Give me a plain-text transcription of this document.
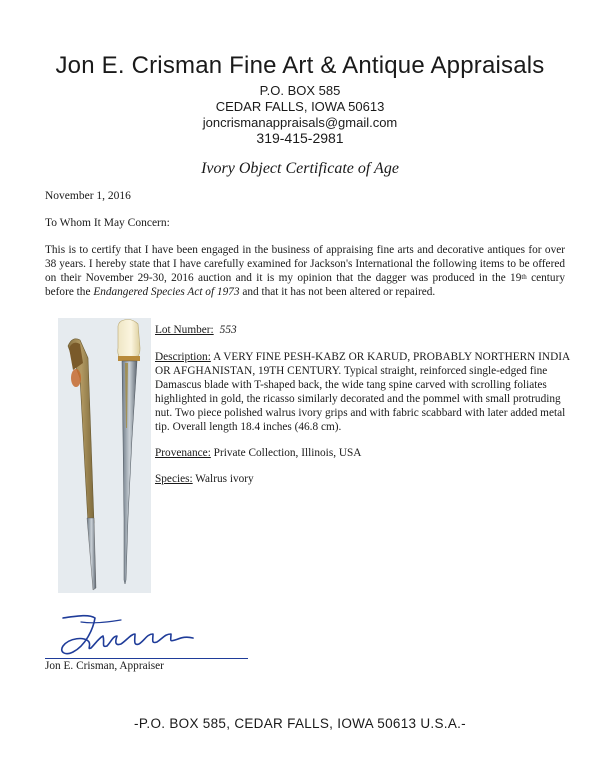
Jon E. Crisman Fine Art & Antique Appraisals
P.O. BOX 585
CEDAR FALLS, IOWA 50613
joncrismanappraisals@gmail.com
319-415-2981
Ivory Object Certificate of Age
November 1, 2016
To Whom It May Concern:
This is to certify that I have been engaged in the business of appraising fine arts and decorative antiques for over 38 years. I hereby state that I have carefully examined for Jackson's International the following items to be offered on their November 29-30, 2016 auction and it is my opinion that the dagger was produced in the 19th century before the Endangered Species Act of 1973 and that it has not been altered or repaired.
Lot Number: 553
Description: A VERY FINE PESH-KABZ OR KARUD, PROBABLY NORTHERN INDIA OR AFGHANISTAN, 19TH CENTURY. Typical straight, reinforced single-edged fine Damascus blade with T-shaped back, the wide tang spine carved with scrolling foliates highlighted in gold, the ricasso similarly decorated and the pommel with small protruding nut. Two piece polished walrus ivory grips and with fabric scabbard with later added metal tip. Overall length 18.4 inches (46.8 cm).
Provenance: Private Collection, Illinois, USA
Species: Walrus ivory
Jon E. Crisman, Appraiser
-P.O. BOX 585, CEDAR FALLS, IOWA 50613 U.S.A.-
